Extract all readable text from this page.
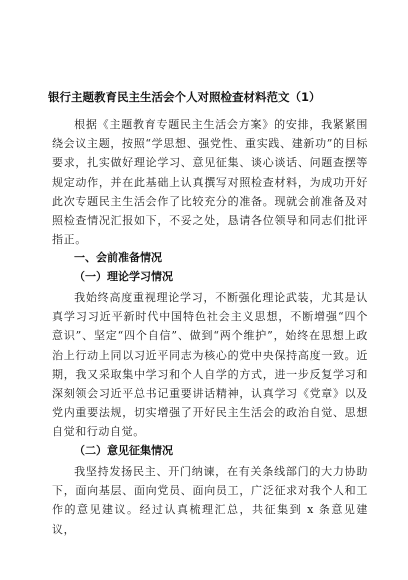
银行主题教育民主生活会个人对照检查材料范文（1）
根据《主题教育专题民主生活会方案》的安排，我紧紧围绕会议主题，按照“学思想、强党性、重实践、建新功”的目标要求，扎实做好理论学习、意见征集、谈心谈话、问题查摆等规定动作，并在此基础上认真撰写对照检查材料，为成功开好此次专题民主生活会作了比较充分的准备。现就会前准备及对照检查情况汇报如下，不妥之处，恳请各位领导和同志们批评指正。
一、会前准备情况
（一）理论学习情况
我始终高度重视理论学习，不断强化理论武装，尤其是认真学习习近平新时代中国特色社会主义思想，不断增强“四个意识”、坚定“四个自信”、做到“两个维护”，始终在思想上政治上行动上同以习近平同志为核心的党中央保持高度一致。近期，我又采取集中学习和个人自学的方式，进一步反复学习和深刻领会习近平总书记重要讲话精神，认真学习《党章》以及党内重要法规，切实增强了开好民主生活会的政治自觉、思想自觉和行动自觉。
（二）意见征集情况
我坚持发扬民主、开门纳谏，在有关条线部门的大力协助下，面向基层、面向党员、面向员工，广泛征求对我个人和工作的意见建议。经过认真梳理汇总，共征集到 x 条意见建议，
